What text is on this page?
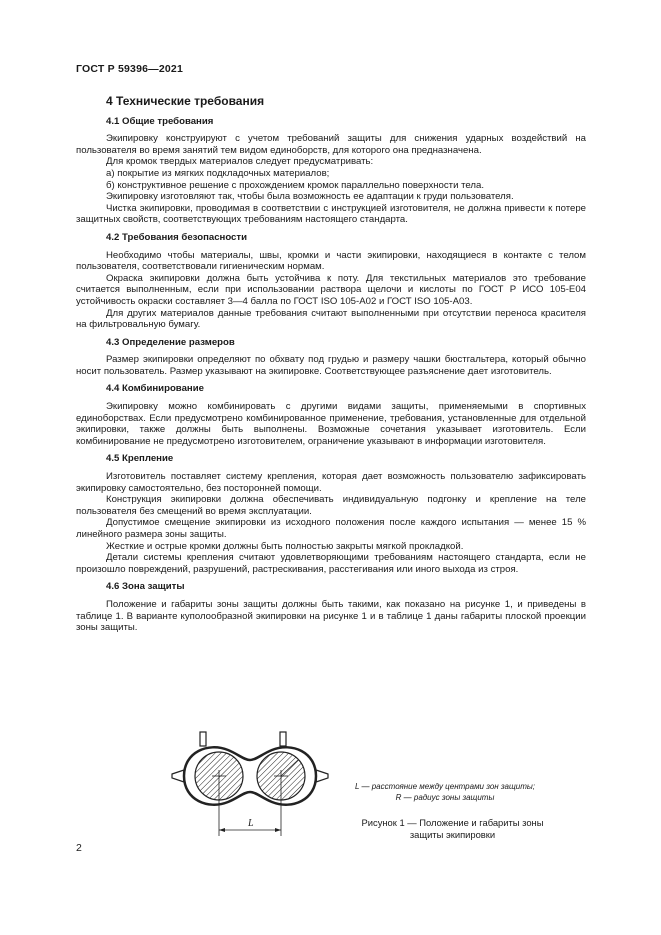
ГОСТ Р 59396—2021
4 Технические требования
4.1 Общие требования

Экипировку конструируют с учетом требований защиты для снижения ударных воздействий на пользователя во время занятий тем видом единоборств, для которого она предназначена.

Для кромок твердых материалов следует предусматривать:

а) покрытие из мягких подкладочных материалов;

б) конструктивное решение с прохождением кромок параллельно поверхности тела.

Экипировку изготовляют так, чтобы была возможность ее адаптации к груди пользователя.

Чистка экипировки, проводимая в соответствии с инструкцией изготовителя, не должна привести к потере защитных свойств, соответствующих требованиям настоящего стандарта.

4.2 Требования безопасности

Необходимо чтобы материалы, швы, кромки и части экипировки, находящиеся в контакте с телом пользователя, соответствовали гигиеническим нормам.

Окраска экипировки должна быть устойчива к поту. Для текстильных материалов это требование считается выполненным, если при использовании раствора щелочи и кислоты по ГОСТ Р ИСО 105-Е04 устойчивость окраски составляет 3—4 балла по ГОСТ ISO 105-A02 и ГОСТ ISO 105-A03.

Для других материалов данные требования считают выполненными при отсутствии переноса красителя на фильтровальную бумагу.

4.3 Определение размеров

Размер экипировки определяют по обхвату под грудью и размеру чашки бюстгальтера, который обычно носит пользователь. Размер указывают на экипировке. Соответствующее разъяснение дает изготовитель.

4.4 Комбинирование

Экипировку можно комбинировать с другими видами защиты, применяемыми в спортивных единоборствах. Если предусмотрено комбинированное применение, требования, установленные для отдельной экипировки, также должны быть выполнены. Возможные сочетания указывает изготовитель. Если комбинирование не предусмотрено изготовителем, ограничение указывают в информации изготовителя.

4.5 Крепление

Изготовитель поставляет систему крепления, которая дает возможность пользователю зафиксировать экипировку самостоятельно, без посторонней помощи.

Конструкция экипировки должна обеспечивать индивидуальную подгонку и крепление на теле пользователя без смещений во время эксплуатации.

Допустимое смещение экипировки из исходного положения после каждого испытания — менее 15 % линейного размера зоны защиты.

Жесткие и острые кромки должны быть полностью закрыты мягкой прокладкой.

Детали системы крепления считают удовлетворяющими требованиям настоящего стандарта, если не произошло повреждений, разрушений, растрескивания, расстегивания или иного выхода из строя.

4.6 Зона защиты

Положение и габариты зоны защиты должны быть такими, как показано на рисунке 1, и приведены в таблице 1. В варианте куполообразной экипировки на рисунке 1 и в таблице 1 даны габариты плоской проекции зоны защиты.

L
L — расстояние между центрами зон защиты;
R — радиус зоны защиты
Рисунок 1 — Положение и габариты зоны
защиты экипировки
2
